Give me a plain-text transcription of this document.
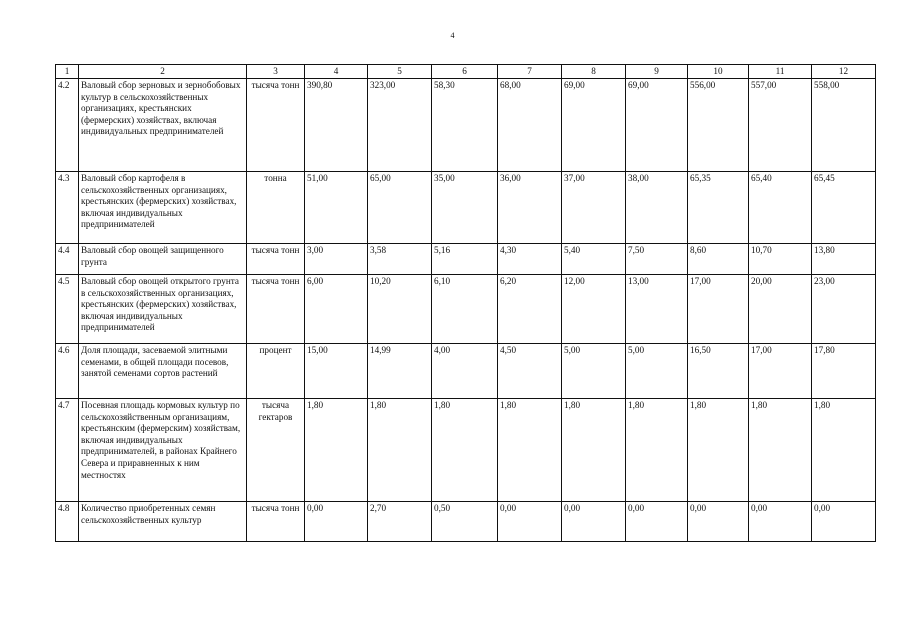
4
1	2	3	4	5	6	7	8	9	10	11	12
4.2	Валовый сбор зерновых и зернобобовых культур в сельскохозяйственных организациях, крестьянских (фермерских) хозяйствах, включая индивидуальных предпринимателей	тысяча тонн	390,80	323,00	58,30	68,00	69,00	69,00	556,00	557,00	558,00
4.3	Валовый сбор картофеля в сельскохозяйственных организациях, крестьянских (фермерских) хозяйствах, включая индивидуальных предпринимателей	тонна	51,00	65,00	35,00	36,00	37,00	38,00	65,35	65,40	65,45
4.4	Валовый сбор овощей защищенного грунта	тысяча тонн	3,00	3,58	5,16	4,30	5,40	7,50	8,60	10,70	13,80
4.5	Валовый сбор овощей открытого грунта в сельскохозяйственных организациях, крестьянских (фермерских) хозяйствах, включая индивидуальных предпринимателей	тысяча тонн	6,00	10,20	6,10	6,20	12,00	13,00	17,00	20,00	23,00
4.6	Доля площади, засеваемой элитными семенами, в общей площади посевов, занятой семенами сортов растений	процент	15,00	14,99	4,00	4,50	5,00	5,00	16,50	17,00	17,80
4.7	Посевная площадь кормовых культур по сельскохозяйственным организациям, крестьянским (фермерским) хозяйствам, включая индивидуальных предпринимателей, в районах Крайнего Севера и приравненных к ним местностях	тысяча гектаров	1,80	1,80	1,80	1,80	1,80	1,80	1,80	1,80	1,80
4.8	Количество приобретенных семян сельскохозяйственных культур	тысяча тонн	0,00	2,70	0,50	0,00	0,00	0,00	0,00	0,00	0,00
